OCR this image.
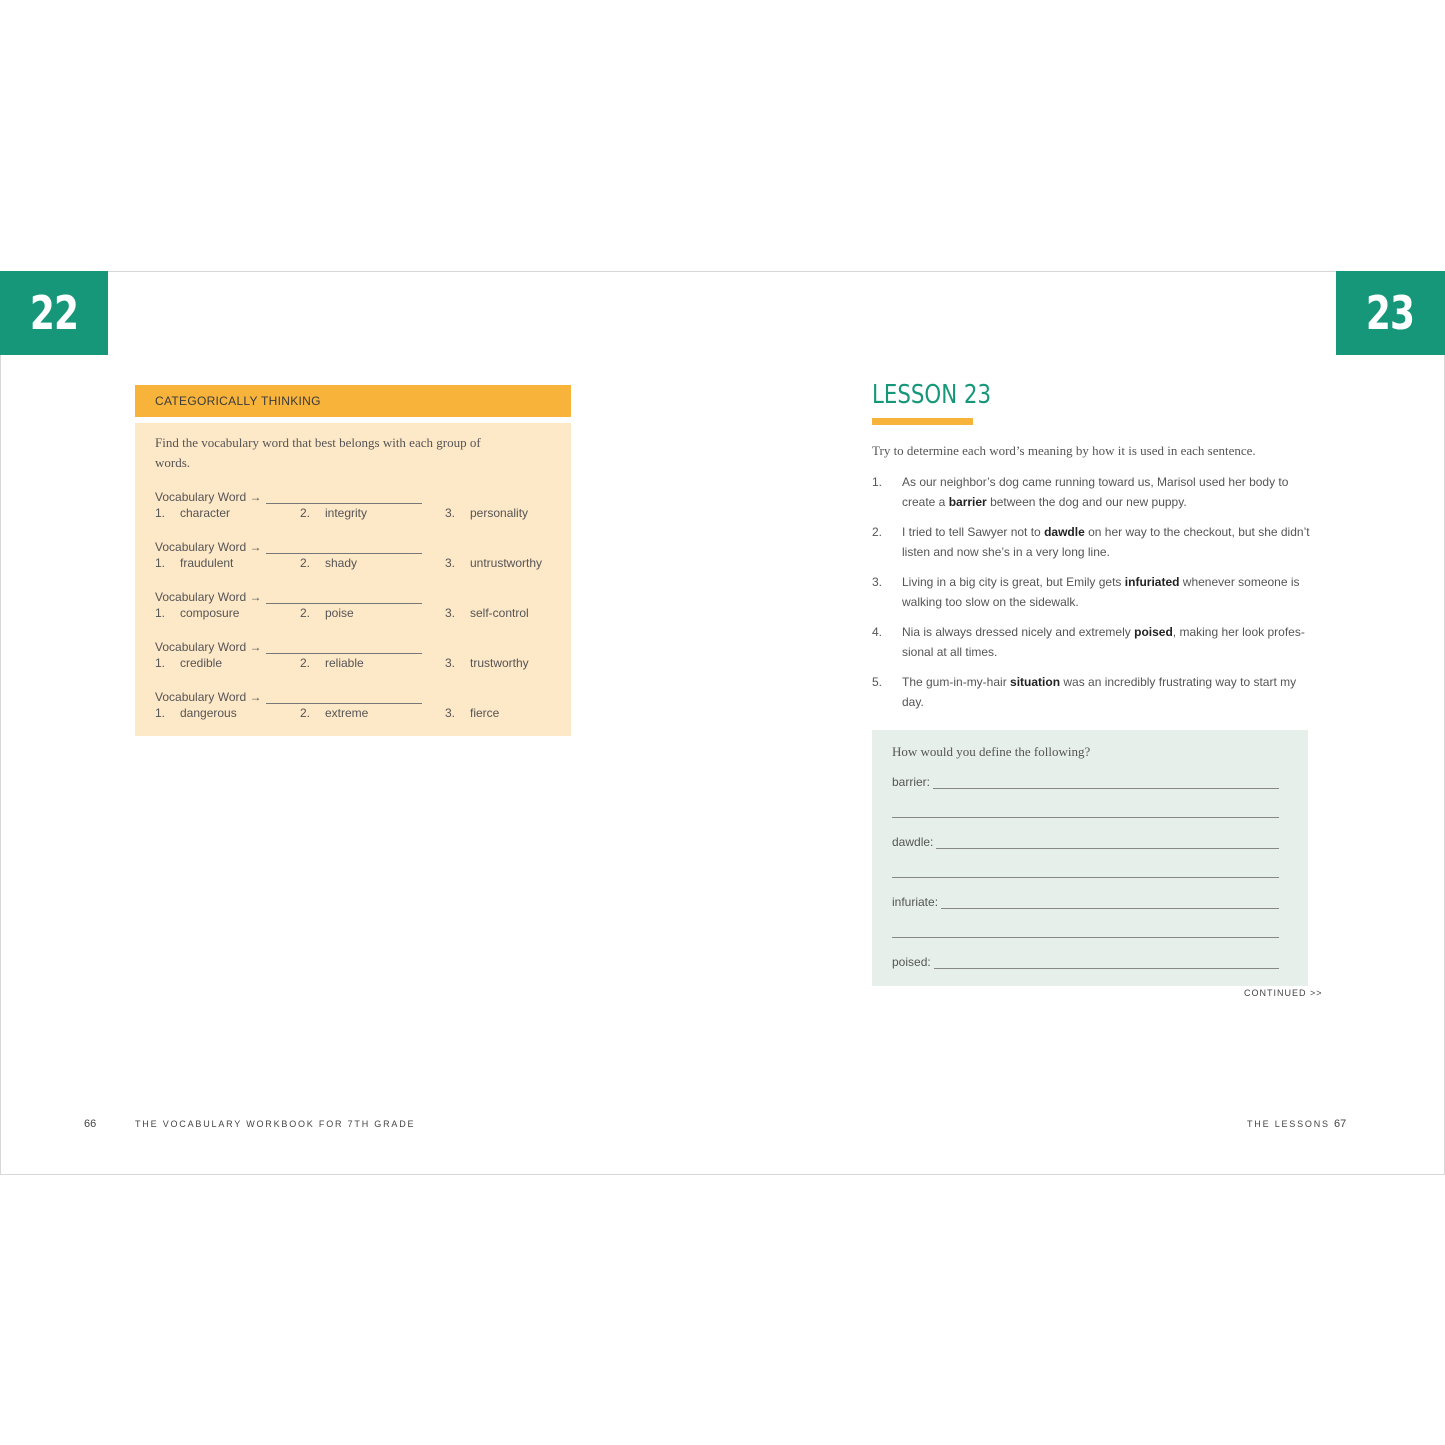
22	23
CATEGORICALLY THINKING
Find the vocabulary word that best belongs with each group of words.
Vocabulary Word →
1. character	2. integrity	3. personality
Vocabulary Word →
1. fraudulent	2. shady	3. untrustworthy
Vocabulary Word →
1. composure	2. poise	3. self-control
Vocabulary Word →
1. credible	2. reliable	3. trustworthy
Vocabulary Word →
1. dangerous	2. extreme	3. fierce
LESSON 23
Try to determine each word’s meaning by how it is used in each sentence.
1. As our neighbor’s dog came running toward us, Marisol used her body to create a barrier between the dog and our new puppy.
2. I tried to tell Sawyer not to dawdle on her way to the checkout, but she didn’t listen and now she’s in a very long line.
3. Living in a big city is great, but Emily gets infuriated whenever someone is walking too slow on the sidewalk.
4. Nia is always dressed nicely and extremely poised, making her look profes-sional at all times.
5. The gum-in-my-hair situation was an incredibly frustrating way to start my day.
How would you define the following?
barrier:
dawdle:
infuriate:
poised:
CONTINUED >>
66	THE VOCABULARY WORKBOOK FOR 7TH GRADE	THE LESSONS 67
